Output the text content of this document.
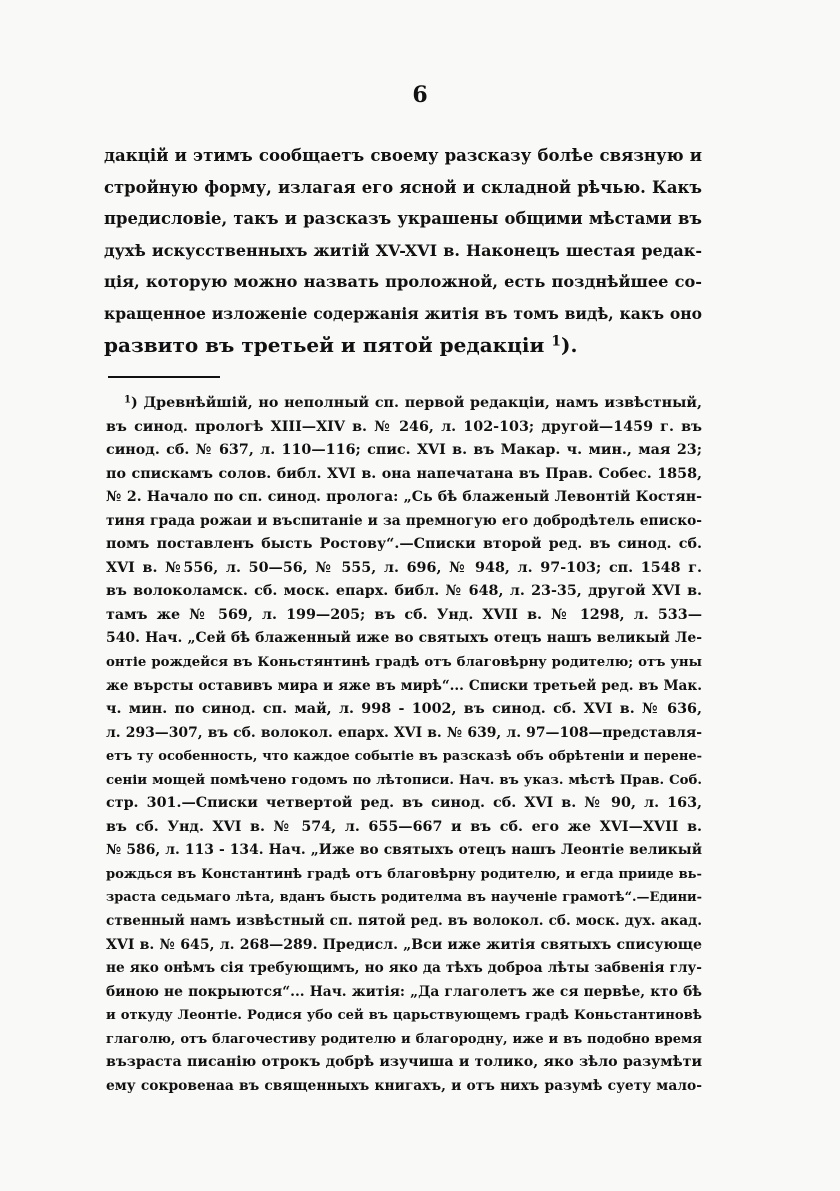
6
дакцій и этимъ сообщаетъ своему разсказу болѣе связную и
стройную форму, излагая его ясной и складной рѣчью. Какъ
предисловіе, такъ и разсказъ украшены общими мѣстами въ
духѣ искусственныхъ житій XV-XVI в. Наконецъ шестая редак-
ція, которую можно назвать проложной, есть позднѣйшее со-
кращенное изложеніе содержанія житія въ томъ видѣ, какъ оно
развито въ третьей и пятой редакціи $^1$).
$^1$) Древнѣйшій, но неполный сп. первой редакціи, намъ извѣстный,
въ синод. прологѣ XIII—XIV в. № 246, л. 102-103; другой—1459 г. въ
синод. сб. № 637, л. 110—116; спис. XVI в. въ Макар. ч. мин., мая 23;
по спискамъ солов. библ. XVI в. она напечатана въ Прав. Собес. 1858,
№ 2. Начало по сп. синод. пролога: „Сь бѣ блаженый Левонтій Костян-
тиня града рожаи и въспитаніе и за премногую его добродѣтель епиcко-
помъ поставленъ бысть Ростову“.—Списки второй ред. въ синод. сб.
XVI в. №556, л. 50—56, № 555, л. 696, № 948, л. 97-103; сп. 1548 г.
въ волоколамск. сб. моск. епарх. библ. № 648, л. 23-35, другой XVI в.
тамъ же № 569, л. 199—205; въ сб. Унд. XVII в. № 1298, л. 533—
540. Нач. „Сей бѣ блаженный иже во святыхъ отецъ нашъ великый Ле-
онтіе рождейся въ Коньстянтинѣ градѣ отъ благовѣрну родителю; отъ уны
же върсты оставивъ мира и яже въ мирѣ“... Списки третьей ред. въ Мак.
ч. мин. по синод. сп. май, л. 998 - 1002, въ синод. сб. XVI в. № 636,
л. 293—307, въ сб. волокол. епарх. XVI в. № 639, л. 97—108—представля-
етъ ту особенность, что каждое событіе въ разсказѣ объ обрѣтеніи и перене-
сеніи мощей помѣчено годомъ по лѣтописи. Нач. въ указ. мѣстѣ Прав. Соб.
стр. 301.—Списки четвертой ред. въ синод. сб. XVI в. № 90, л. 163,
въ сб. Унд. XVI в. № 574, л. 655—667 и въ сб. его же XVI—XVII в.
№ 586, л. 113 - 134. Нач. „Иже во святыхъ отецъ нашъ Леонтіе великый
рождься въ Константинѣ градѣ отъ благовѣрну родителю, и егда прииде вь-
зраста седьмаго лѣта, вданъ бысть родителма въ наученіе грамотѣ“.—Едини-
ственный намъ извѣстный сп. пятой ред. въ волокол. сб. моск. дух. акад.
XVI в. № 645, л. 268—289. Предисл. „Вси иже житія святыхъ списующе
не яко онѣмъ сія требующимъ, но яко да тѣхъ доброа лѣты забвенія глу-
биною не покрыются“... Нач. житія: „Да глаголетъ же ся первѣе, кто бѣ
и откуду Леонтіе. Родися убо сей въ царьствующемъ градѣ Коньстантиновѣ
глаголю, отъ благочестиву родителю и благородну, иже и въ подобно время
възраста писанію отрокъ добрѣ изучиша и толико, яко зѣло разумѣти
ему сокровенаа въ священныхъ книгахъ, и отъ нихъ разумѣ суету мало-
